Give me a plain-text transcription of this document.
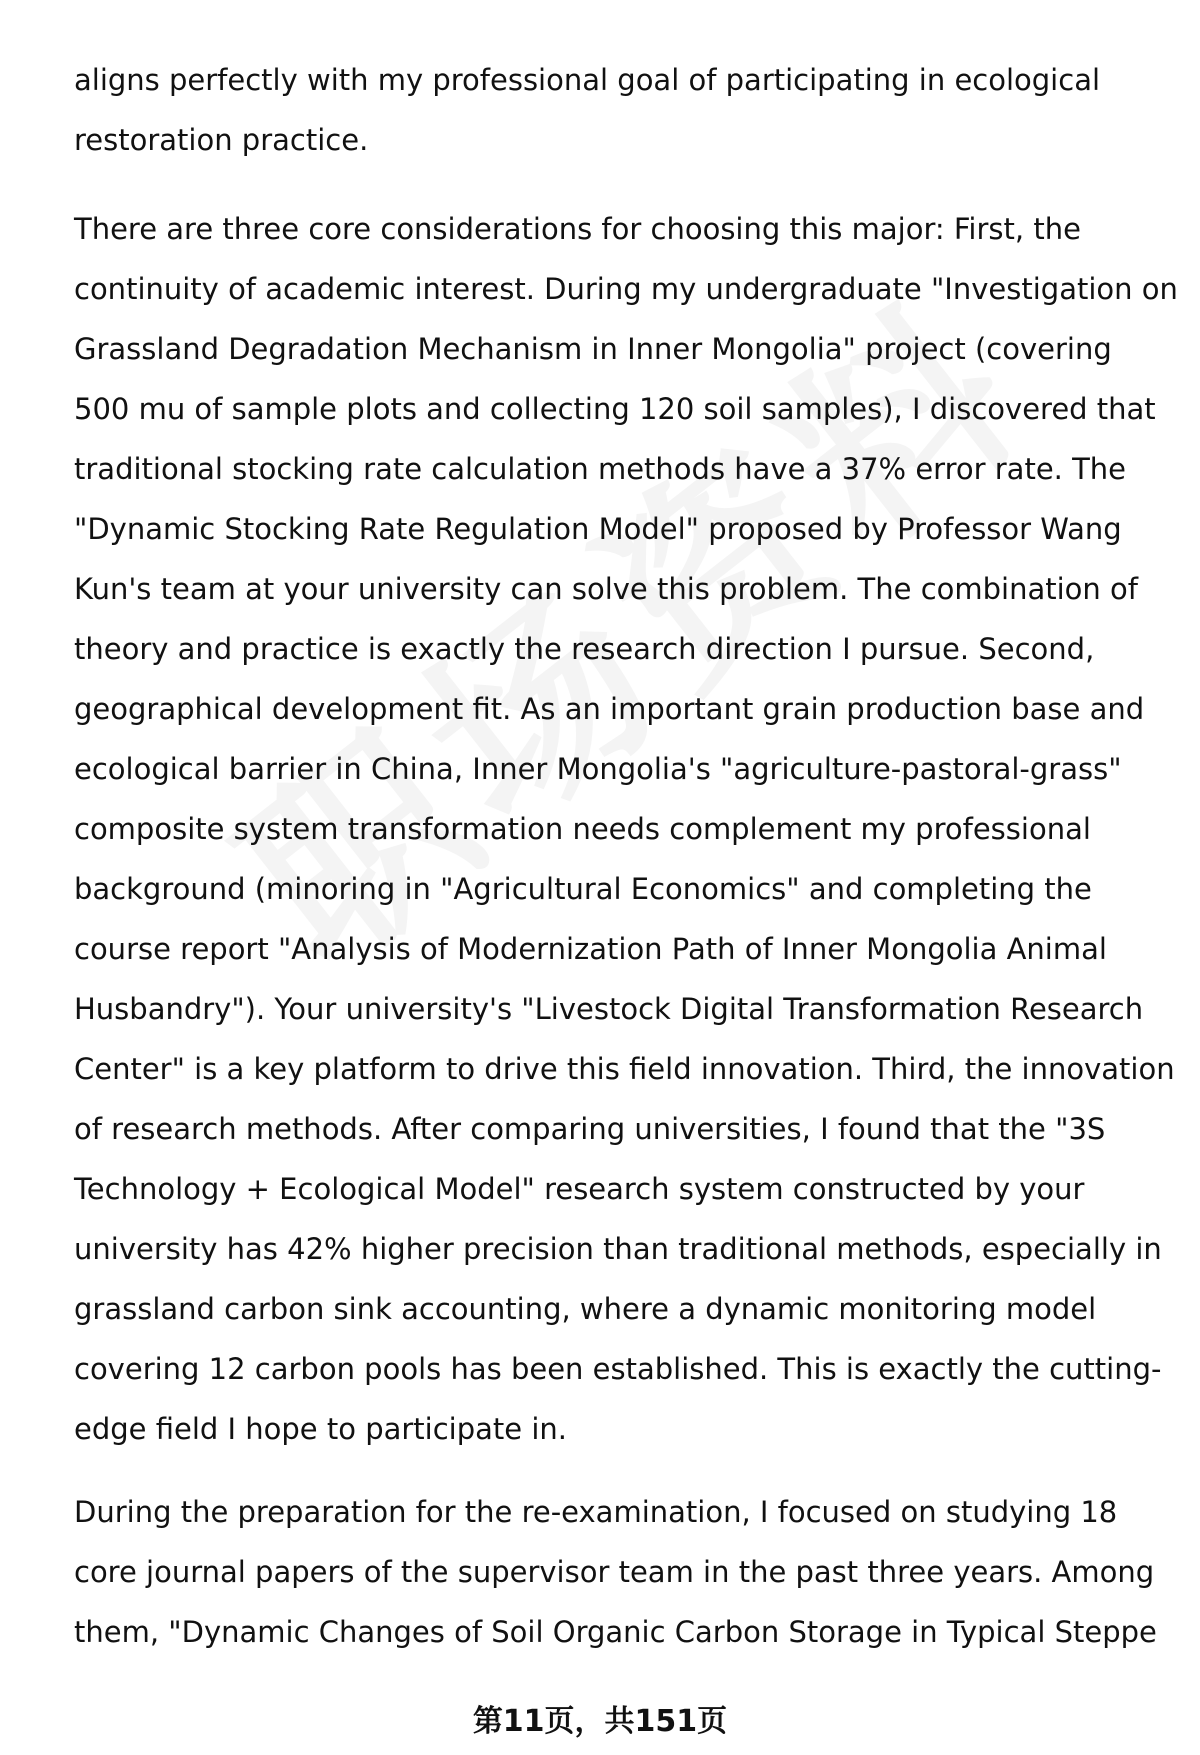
aligns perfectly with my professional goal of participating in ecological
restoration practice.
There are three core considerations for choosing this major: First, the
continuity of academic interest. During my undergraduate "Investigation on
Grassland Degradation Mechanism in Inner Mongolia" project (covering
500 mu of sample plots and collecting 120 soil samples), I discovered that
traditional stocking rate calculation methods have a 37% error rate. The
"Dynamic Stocking Rate Regulation Model" proposed by Professor Wang
Kun's team at your university can solve this problem. The combination of
theory and practice is exactly the research direction I pursue. Second,
geographical development fit. As an important grain production base and
ecological barrier in China, Inner Mongolia's "agriculture-pastoral-grass"
composite system transformation needs complement my professional
background (minoring in "Agricultural Economics" and completing the
course report "Analysis of Modernization Path of Inner Mongolia Animal
Husbandry"). Your university's "Livestock Digital Transformation Research
Center" is a key platform to drive this field innovation. Third, the innovation
of research methods. After comparing universities, I found that the "3S
Technology + Ecological Model" research system constructed by your
university has 42% higher precision than traditional methods, especially in
grassland carbon sink accounting, where a dynamic monitoring model
covering 12 carbon pools has been established. This is exactly the cutting-
edge field I hope to participate in.
During the preparation for the re-examination, I focused on studying 18
core journal papers of the supervisor team in the past three years. Among
them, "Dynamic Changes of Soil Organic Carbon Storage in Typical Steppe
第11页，共151页
